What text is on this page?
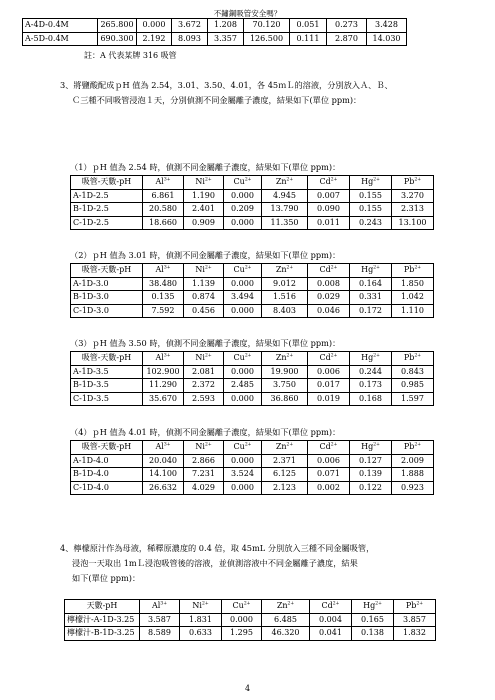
不鏽鋼吸管安全嗎？
A-4D-0.4M	265.800	0.000	3.672	1.208	70.120	0.051	0.273	3.428
A-5D-0.4M	690.300	2.192	8.093	3.357	126.500	0.111	2.870	14.030
註：A 代表某牌 316 吸管
3、將鹽酸配成ｐH 值為 2.54，3.01、3.50、4.01，各 45ｍＬ的溶液，分別放入Ａ、Ｂ、
Ｃ三種不同吸管浸泡１天，分別偵測不同金屬離子濃度，結果如下(單位 ppm)：
（1）ｐH 值為 2.54 時，偵測不同金屬離子濃度，結果如下(單位 ppm)：
吸管-天數-pH	$Al^{3+}$	$Ni^{2+}$	$Cu^{2+}$	$Zn^{2+}$	$Cd^{2+}$	$Hg^{2+}$	$Pb^{2+}$
A-1D-2.5	6.861	1.190	0.000	4.945	0.007	0.155	3.270
B-1D-2.5	20.580	2.401	0.209	13.790	0.090	0.155	2.313
C-1D-2.5	18.660	0.909	0.000	11.350	0.011	0.243	13.100
（2）ｐH 值為 3.01 時，偵測不同金屬離子濃度，結果如下(單位 ppm)：
吸管-天數-pH	$Al^{3+}$	$Ni^{2+}$	$Cu^{2+}$	$Zn^{2+}$	$Cd^{2+}$	$Hg^{2+}$	$Pb^{2+}$
A-1D-3.0	38.480	1.139	0.000	9.012	0.008	0.164	1.850
B-1D-3.0	0.135	0.874	3.494	1.516	0.029	0.331	1.042
C-1D-3.0	7.592	0.456	0.000	8.403	0.046	0.172	1.110
（3）ｐH 值為 3.50 時，偵測不同金屬離子濃度，結果如下(單位 ppm)：
吸管-天數-pH	$Al^{3+}$	$Ni^{2+}$	$Cu^{2+}$	$Zn^{2+}$	$Cd^{2+}$	$Hg^{2+}$	$Pb^{2+}$
A-1D-3.5	102.900	2.081	0.000	19.900	0.006	0.244	0.843
B-1D-3.5	11.290	2.372	2.485	3.750	0.017	0.173	0.985
C-1D-3.5	35.670	2.593	0.000	36.860	0.019	0.168	1.597
（4）ｐH 值為 4.01 時，偵測不同金屬離子濃度，結果如下(單位 ppm)：
吸管-天數-pH	$Al^{3+}$	$Ni^{2+}$	$Cu^{2+}$	$Zn^{2+}$	$Cd^{2+}$	$Hg^{2+}$	$Pb^{2+}$
A-1D-4.0	20.040	2.866	0.000	2.371	0.006	0.127	2.009
B-1D-4.0	14.100	7.231	3.524	6.125	0.071	0.139	1.888
C-1D-4.0	26.632	4.029	0.000	2.123	0.002	0.122	0.923
4、檸檬原汁作為母液，稀釋原濃度的 0.4 倍，取 45mL 分別放入三種不同金屬吸管，
浸泡一天取出 1mＬ浸泡吸管後的溶液，並偵測溶液中不同金屬離子濃度，結果
如下(單位 ppm)：
天數-pH	$Al^{3+}$	$Ni^{2+}$	$Cu^{2+}$	$Zn^{2+}$	$Cd^{2+}$	$Hg^{2+}$	$Pb^{2+}$
檸檬汁-A-1D-3.25	3.587	1.831	0.000	6.485	0.004	0.165	3.857
檸檬汁-B-1D-3.25	8.589	0.633	1.295	46.320	0.041	0.138	1.832
4
